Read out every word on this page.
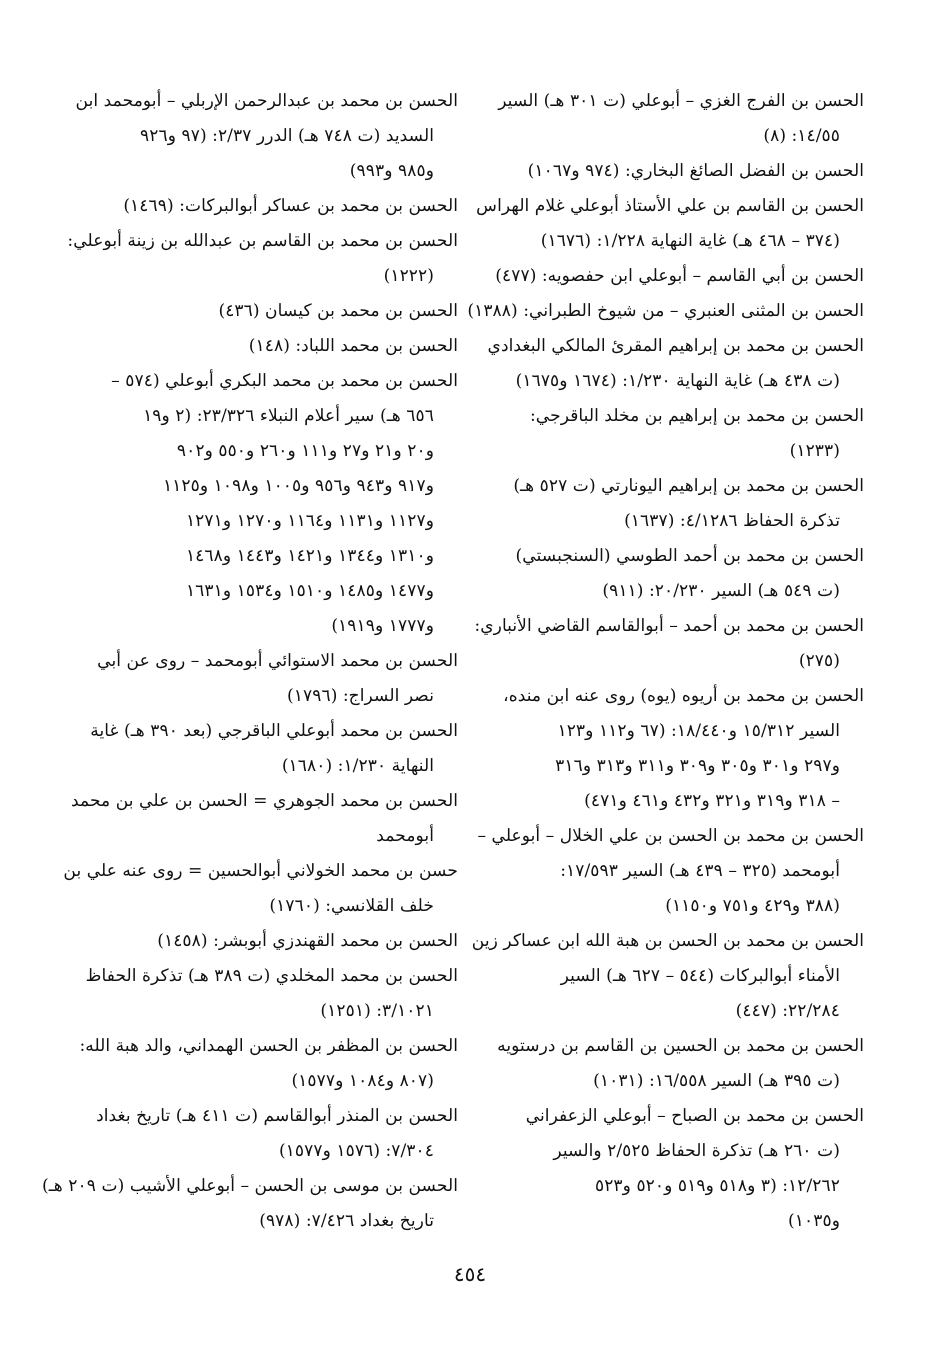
الحسن بن الفرج الغزي – أبوعلي (ت ٣٠١ هـ) السير
١٤/٥٥: (٨)
الحسن بن الفضل الصائغ البخاري: (٩٧٤ و١٠٦٧)
الحسن بن القاسم بن علي الأستاذ أبوعلي غلام الهراس
(٣٧٤ – ٤٦٨ هـ) غاية النهاية ١/٢٢٨: (١٦٧٦)
الحسن بن أبي القاسم – أبوعلي ابن حفصويه: (٤٧٧)
الحسن بن المثنى العنبري – من شيوخ الطبراني: (١٣٨٨)
الحسن بن محمد بن إبراهيم المقرئ المالكي البغدادي
(ت ٤٣٨ هـ) غاية النهاية ١/٢٣٠: (١٦٧٤ و١٦٧٥)
الحسن بن محمد بن إبراهيم بن مخلد الباقرجي:
(١٢٣٣)
الحسن بن محمد بن إبراهيم اليونارتي (ت ٥٢٧ هـ)
تذكرة الحفاظ ٤/١٢٨٦: (١٦٣٧)
الحسن بن محمد بن أحمد الطوسي (السنجبستي)
(ت ٥٤٩ هـ) السير ٢٠/٢٣٠: (٩١١)
الحسن بن محمد بن أحمد – أبوالقاسم القاضي الأنباري:
(٢٧٥)
الحسن بن محمد بن أريوه (يوه) روى عنه ابن منده،
السير ١٥/٣١٢ و١٨/٤٤٠: (٦٧ و١١٢ و١٢٣
و٢٩٧ و٣٠١ و٣٠٥ و٣٠٩ و٣١١ و٣١٣ و٣١٦
– ٣١٨ و٣١٩ و٣٢١ و٤٣٢ و٤٦١ و٤٧١)
الحسن بن محمد بن الحسن بن علي الخلال – أبوعلي –
أبومحمد (٣٢٥ – ٤٣٩ هـ) السير ١٧/٥٩٣:
(٣٨٨ و٤٢٩ و٧٥١ و١١٥٠)
الحسن بن محمد بن الحسن بن هبة الله ابن عساكر زين
الأمناء أبوالبركات (٥٤٤ – ٦٢٧ هـ) السير
٢٢/٢٨٤: (٤٤٧)
الحسن بن محمد بن الحسين بن القاسم بن درستويه
(ت ٣٩٥ هـ) السير ١٦/٥٥٨: (١٠٣١)
الحسن بن محمد بن الصباح – أبوعلي الزعفراني
(ت ٢٦٠ هـ) تذكرة الحفاظ ٢/٥٢٥ والسير
١٢/٢٦٢: (٣ و٥١٨ و٥١٩ و٥٢٠ و٥٢٣
و١٠٣٥)
الحسن بن محمد بن عبدالرحمن الإربلي – أبومحمد ابن
السديد (ت ٧٤٨ هـ) الدرر ٢/٣٧: (٩٧ و٩٢٦
و٩٨٥ و٩٩٣)
الحسن بن محمد بن عساكر أبوالبركات: (١٤٦٩)
الحسن بن محمد بن القاسم بن عبدالله بن زينة أبوعلي:
(١٢٢٢)
الحسن بن محمد بن كيسان (٤٣٦)
الحسن بن محمد اللباد: (١٤٨)
الحسن بن محمد بن محمد البكري أبوعلي (٥٧٤ –
٦٥٦ هـ) سير أعلام النبلاء ٢٣/٣٢٦: (٢ و١٩
و٢٠ و٢١ و٢٧ و١١١ و٢٦٠ و٥٥٠ و٩٠٢
و٩١٧ و٩٤٣ و٩٥٦ و١٠٠٥ و١٠٩٨ و١١٢٥
و١١٢٧ و١١٣١ و١١٦٤ و١٢٧٠ و١٢٧١
و١٣١٠ و١٣٤٤ و١٤٢١ و١٤٤٣ و١٤٦٨
و١٤٧٧ و١٤٨٥ و١٥١٠ و١٥٣٤ و١٦٣١
و١٧٧٧ و١٩١٩)
الحسن بن محمد الاستوائي أبومحمد – روى عن أبي
نصر السراج: (١٧٩٦)
الحسن بن محمد أبوعلي الباقرجي (بعد ٣٩٠ هـ) غاية
النهاية ١/٢٣٠: (١٦٨٠)
الحسن بن محمد الجوهري = الحسن بن علي بن محمد
أبومحمد
حسن بن محمد الخولاني أبوالحسين = روى عنه علي بن
خلف القلانسي: (١٧٦٠)
الحسن بن محمد القهندزي أبوبشر: (١٤٥٨)
الحسن بن محمد المخلدي (ت ٣٨٩ هـ) تذكرة الحفاظ
٣/١٠٢١: (١٢٥١)
الحسن بن المظفر بن الحسن الهمداني، والد هبة الله:
(٨٠٧ و١٠٨٤ و١٥٧٧)
الحسن بن المنذر أبوالقاسم (ت ٤١١ هـ) تاريخ بغداد
٧/٣٠٤: (١٥٧٦ و١٥٧٧)
الحسن بن موسى بن الحسن – أبوعلي الأشيب (ت ٢٠٩ هـ)
تاريخ بغداد ٧/٤٢٦: (٩٧٨)
٤٥٤
